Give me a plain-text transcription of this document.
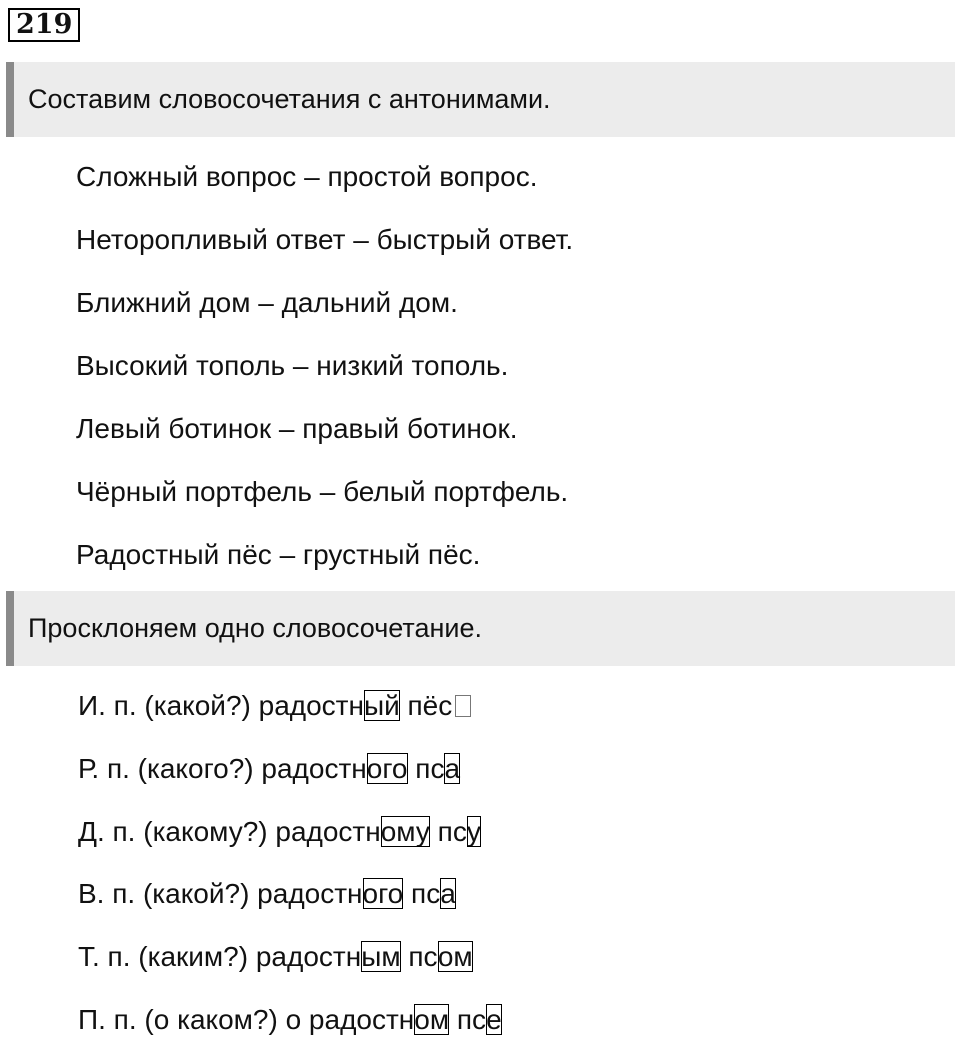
219
Составим словосочетания с антонимами.
Сложный вопрос – простой вопрос.
Неторопливый ответ – быстрый ответ.
Ближний дом – дальний дом.
Высокий тополь – низкий тополь.
Левый ботинок – правый ботинок.
Чёрный портфель – белый портфель.
Радостный пёс – грустный пёс.
Просклоняем одно словосочетание.
И. п. (какой?) радостный пёс
Р. п. (какого?) радостного пса
Д. п. (какому?) радостному псу
В. п. (какой?) радостного пса
Т. п. (каким?) радостным псом
П. п. (о каком?) о радостном псе
